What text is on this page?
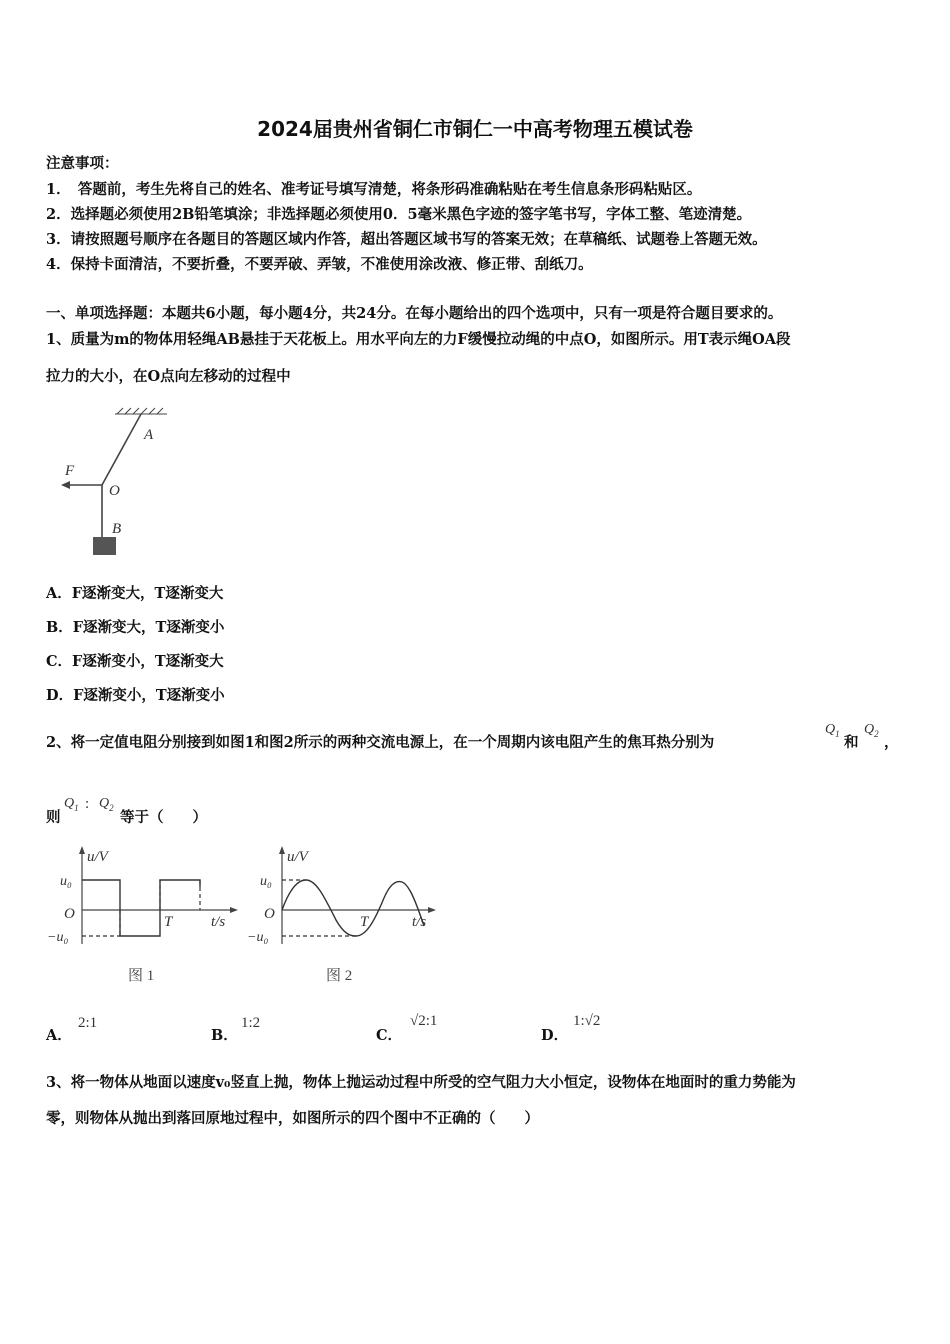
2024届贵州省铜仁市铜仁一中高考物理五模试卷
注意事项：
1．　答题前，考生先将自己的姓名、准考证号填写清楚，将条形码准确粘贴在考生信息条形码粘贴区。
2．选择题必须使用2B铅笔填涂；非选择题必须使用0．5毫米黑色字迹的签字笔书写，字体工整、笔迹清楚。
3．请按照题号顺序在各题目的答题区域内作答，超出答题区域书写的答案无效；在草稿纸、试题卷上答题无效。
4．保持卡面清洁，不要折叠，不要弄破、弄皱，不准使用涂改液、修正带、刮纸刀。
一、单项选择题：本题共6小题，每小题4分，共24分。在每小题给出的四个选项中，只有一项是符合题目要求的。
1、质量为m的物体用轻绳AB悬挂于天花板上。用水平向左的力F缓慢拉动绳的中点O，如图所示。用T表示绳OA段
拉力的大小，在O点向左移动的过程中
A
F
O
B
A．F逐渐变大，T逐渐变大
B．F逐渐变大，T逐渐变小
C．F逐渐变小，T逐渐变大
D．F逐渐变小，T逐渐变小
2、将一定值电阻分别接到如图1和图2所示的两种交流电源上，在一个周期内该电阻产生的焦耳热分别为
$Q_1$
和
$Q_2$
，
则
$Q_1$ : $Q_2$
等于（　　）
u/V
u₀
O
−u₀
T	t/s
图 1
u/V
u₀
O
−u₀
T	t/s
图 2
A．
2:1
B．
1:2
C．
√2:1
D．
1:√2
3、将一物体从地面以速度v₀竖直上抛，物体上抛运动过程中所受的空气阻力大小恒定，设物体在地面时的重力势能为
零，则物体从抛出到落回原地过程中，如图所示的四个图中不正确的（　　）
